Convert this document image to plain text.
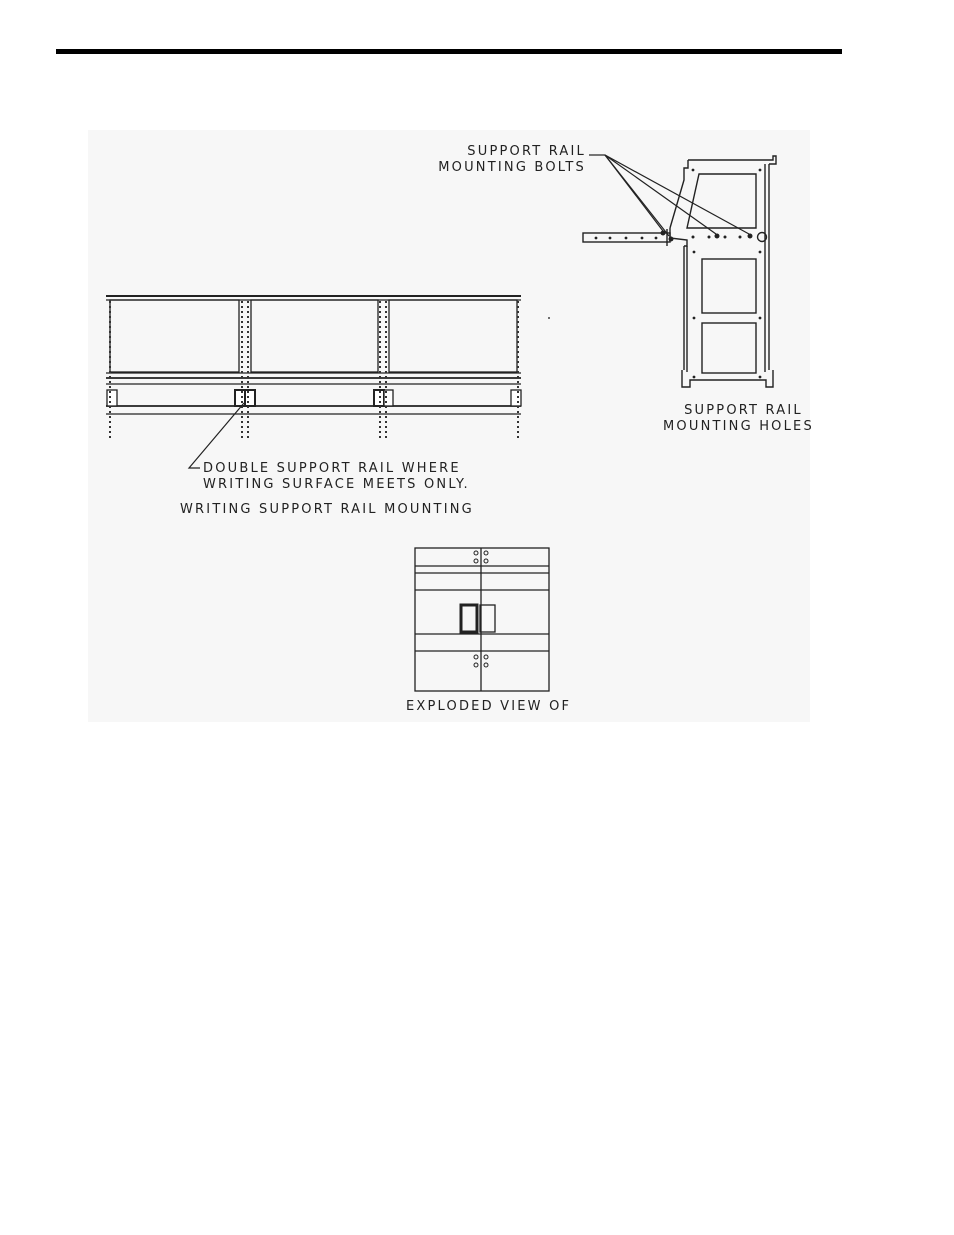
SUPPORT RAIL
MOUNTING BOLTS
SUPPORT RAIL
MOUNTING HOLES
DOUBLE SUPPORT RAIL WHERE
WRITING SURFACE MEETS ONLY.
WRITING SUPPORT RAIL MOUNTING
EXPLODED VIEW OF
